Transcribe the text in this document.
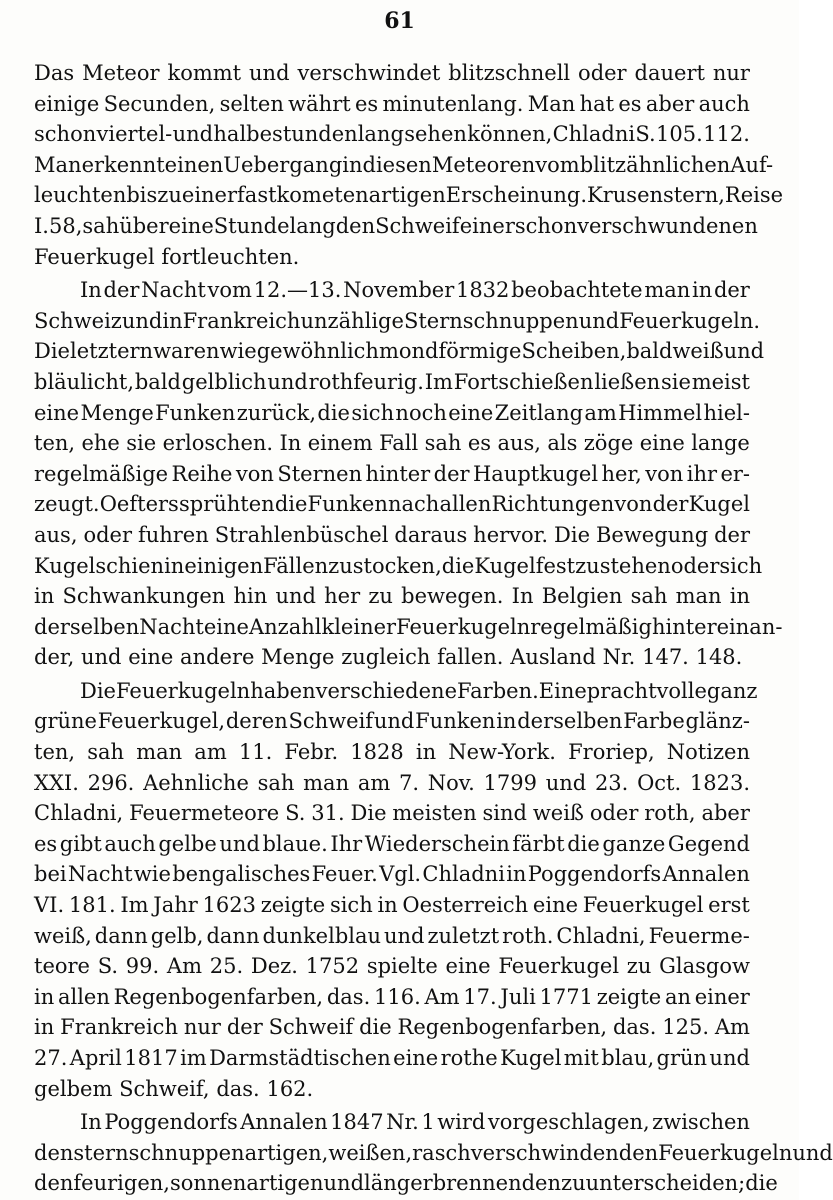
61
Das Meteor kommt und verschwindet blitzschnell oder dauert nur
einige Secunden, selten währt es minutenlang. Man hat es aber auch
schon viertel- und halbestundenlang sehen können, Chladni S. 105. 112.
Man erkennt einen Uebergang in diesen Meteoren vom blitzähnlichen Auf-
leuchten bis zu einer fast kometenartigen Erscheinung. Krusenstern, Reise
I. 58, sah über eine Stunde lang den Schweif einer schon verschwundenen
Feuerkugel fortleuchten.
In der Nacht vom 12.—13. November 1832 beobachtete man in der
Schweiz und in Frankreich unzählige Sternschnuppen und Feuerkugeln.
Die letztern waren wie gewöhnlich mondförmige Scheiben, bald weiß und
bläulicht, bald gelblich und rothfeurig. Im Fortschießen ließen sie meist
eine Menge Funken zurück, die sich noch eine Zeitlang am Himmel hiel-
ten, ehe sie erloschen. In einem Fall sah es aus, als zöge eine lange
regelmäßige Reihe von Sternen hinter der Hauptkugel her, von ihr er-
zeugt. Oefters sprühten die Funken nach allen Richtungen von der Kugel
aus, oder fuhren Strahlenbüschel daraus hervor. Die Bewegung der
Kugel schien in einigen Fällen zu stocken, die Kugel festzustehen oder sich
in Schwankungen hin und her zu bewegen. In Belgien sah man in
derselben Nacht eine Anzahl kleiner Feuerkugeln regelmäßig hinter einan-
der, und eine andere Menge zugleich fallen. Ausland Nr. 147. 148.
Die Feuerkugeln haben verschiedene Farben. Eine prachtvolle ganz
grüne Feuerkugel, deren Schweif und Funken in derselben Farbe glänz-
ten, sah man am 11. Febr. 1828 in New-York. Froriep, Notizen
XXI. 296. Aehnliche sah man am 7. Nov. 1799 und 23. Oct. 1823.
Chladni, Feuermeteore S. 31. Die meisten sind weiß oder roth, aber
es gibt auch gelbe und blaue. Ihr Wiederschein färbt die ganze Gegend
bei Nacht wie bengalisches Feuer. Vgl. Chladni in Poggendorfs Annalen
VI. 181. Im Jahr 1623 zeigte sich in Oesterreich eine Feuerkugel erst
weiß, dann gelb, dann dunkelblau und zuletzt roth. Chladni, Feuerme-
teore S. 99. Am 25. Dez. 1752 spielte eine Feuerkugel zu Glasgow
in allen Regenbogenfarben, das. 116. Am 17. Juli 1771 zeigte an einer
in Frankreich nur der Schweif die Regenbogenfarben, das. 125. Am
27. April 1817 im Darmstädtischen eine rothe Kugel mit blau, grün und
gelbem Schweif, das. 162.
In Poggendorfs Annalen 1847 Nr. 1 wird vorgeschlagen, zwischen
den sternschnuppenartigen, weißen, raschverschwindenden Feuerkugeln und
den feurigen, sonnenartigen und länger brennenden zu unterscheiden; die
